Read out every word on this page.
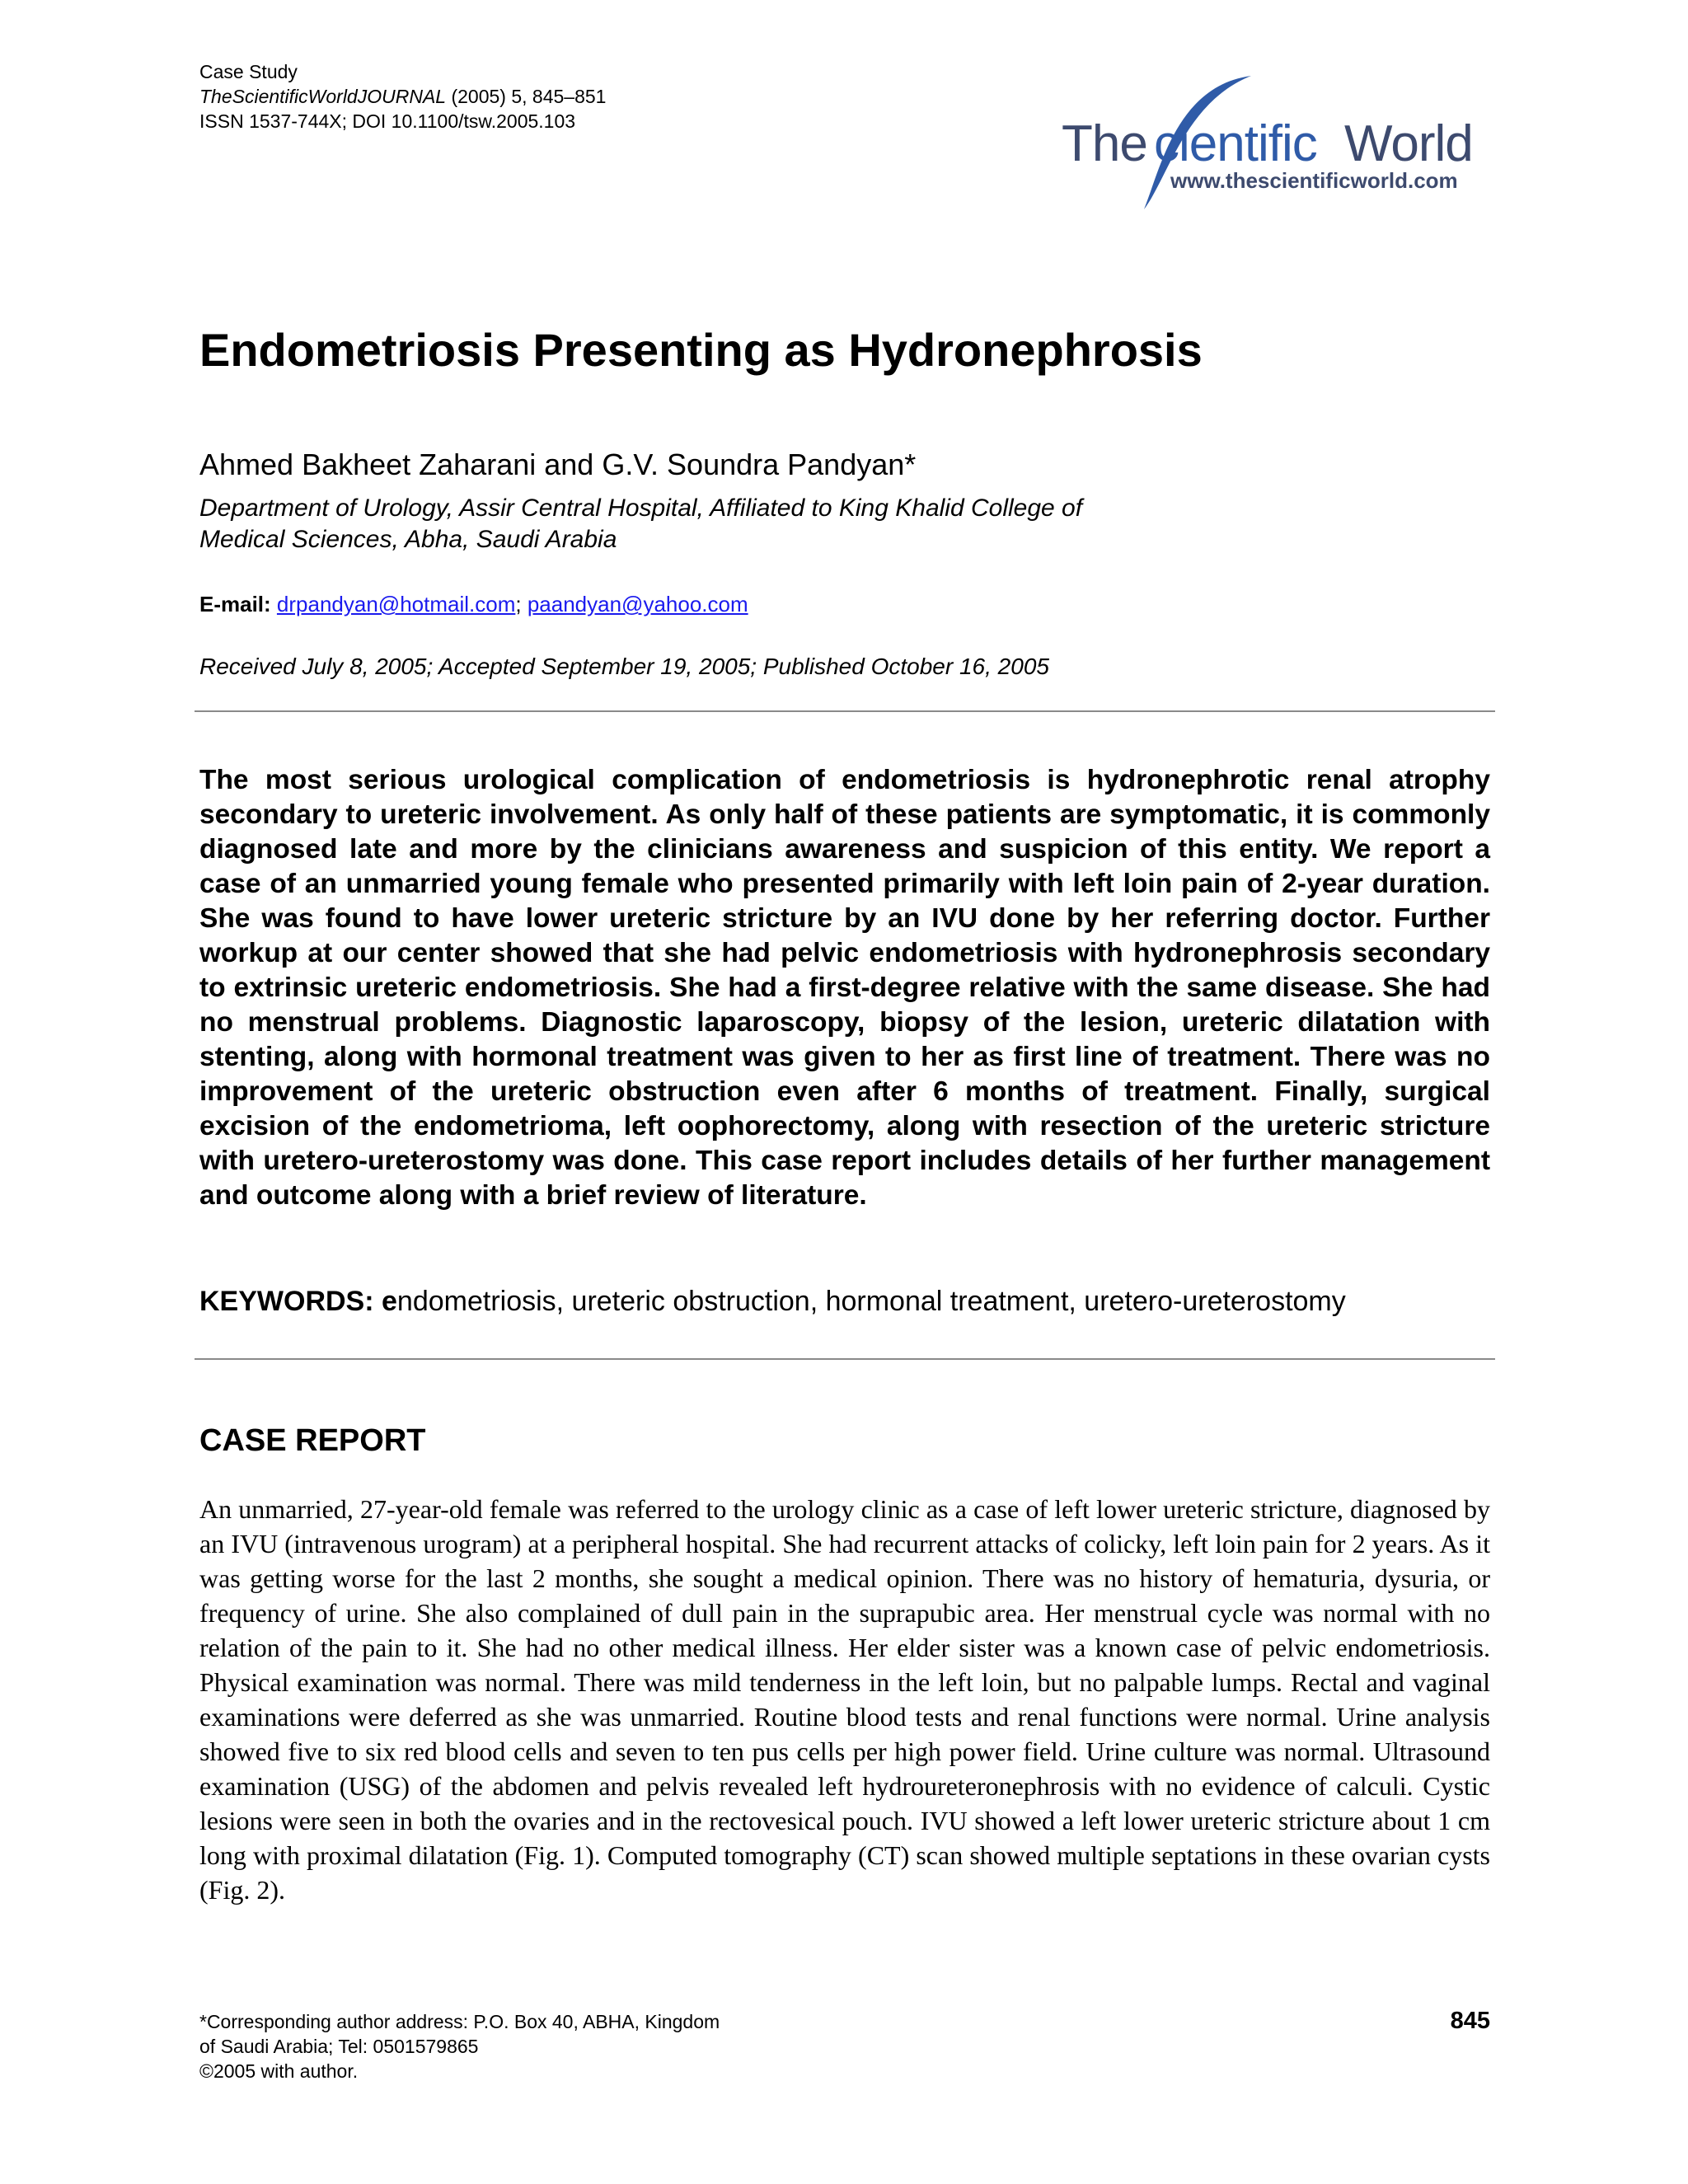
Case Study
TheScientificWorldJOURNAL (2005) 5, 845–851
ISSN 1537-744X; DOI 10.1100/tsw.2005.103	The cientific World
www.thescientificworld.com
Endometriosis Presenting as Hydronephrosis
Ahmed Bakheet Zaharani and G.V. Soundra Pandyan*
Department of Urology, Assir Central Hospital, Affiliated to King Khalid College of
Medical Sciences, Abha, Saudi Arabia
E-mail: drpandyan@hotmail.com; paandyan@yahoo.com
Received July 8, 2005; Accepted September 19, 2005; Published October 16, 2005

The most serious urological complication of endometriosis is hydronephrotic renal atrophy secondary to ureteric involvement. As only half of these patients are symptomatic, it is commonly diagnosed late and more by the clinicians awareness and suspicion of this entity. We report a case of an unmarried young female who presented primarily with left loin pain of 2-year duration. She was found to have lower ureteric stricture by an IVU done by her referring doctor. Further workup at our center showed that she had pelvic endometriosis with hydronephrosis secondary to extrinsic ureteric endometriosis. She had a first-degree relative with the same disease. She had no menstrual problems. Diagnostic laparoscopy, biopsy of the lesion, ureteric dilatation with stenting, along with hormonal treatment was given to her as first line of treatment. There was no improvement of the ureteric obstruction even after 6 months of treatment. Finally, surgical excision of the endometrioma, left oophorectomy, along with resection of the ureteric stricture with uretero-ureterostomy was done. This case report includes details of her further management and outcome along with a brief review of literature.

KEYWORDS: endometriosis, ureteric obstruction, hormonal treatment, uretero-ureterostomy
CASE REPORT

An unmarried, 27-year-old female was referred to the urology clinic as a case of left lower ureteric stricture, diagnosed by an IVU (intravenous urogram) at a peripheral hospital. She had recurrent attacks of colicky, left loin pain for 2 years. As it was getting worse for the last 2 months, she sought a medical opinion. There was no history of hematuria, dysuria, or frequency of urine. She also complained of dull pain in the suprapubic area. Her menstrual cycle was normal with no relation of the pain to it. She had no other medical illness. Her elder sister was a known case of pelvic endometriosis. Physical examination was normal. There was mild tenderness in the left loin, but no palpable lumps. Rectal and vaginal examinations were deferred as she was unmarried. Routine blood tests and renal functions were normal. Urine analysis showed five to six red blood cells and seven to ten pus cells per high power field. Urine culture was normal. Ultrasound examination (USG) of the abdomen and pelvis revealed left hydroureteronephrosis with no evidence of calculi. Cystic lesions were seen in both the ovaries and in the rectovesical pouch. IVU showed a left lower ureteric stricture about 1 cm long with proximal dilatation (Fig. 1). Computed tomography (CT) scan showed multiple septations in these ovarian cysts (Fig. 2).

*Corresponding author address: P.O. Box 40, ABHA, Kingdom
of Saudi Arabia; Tel: 0501579865
©2005 with author.
845
